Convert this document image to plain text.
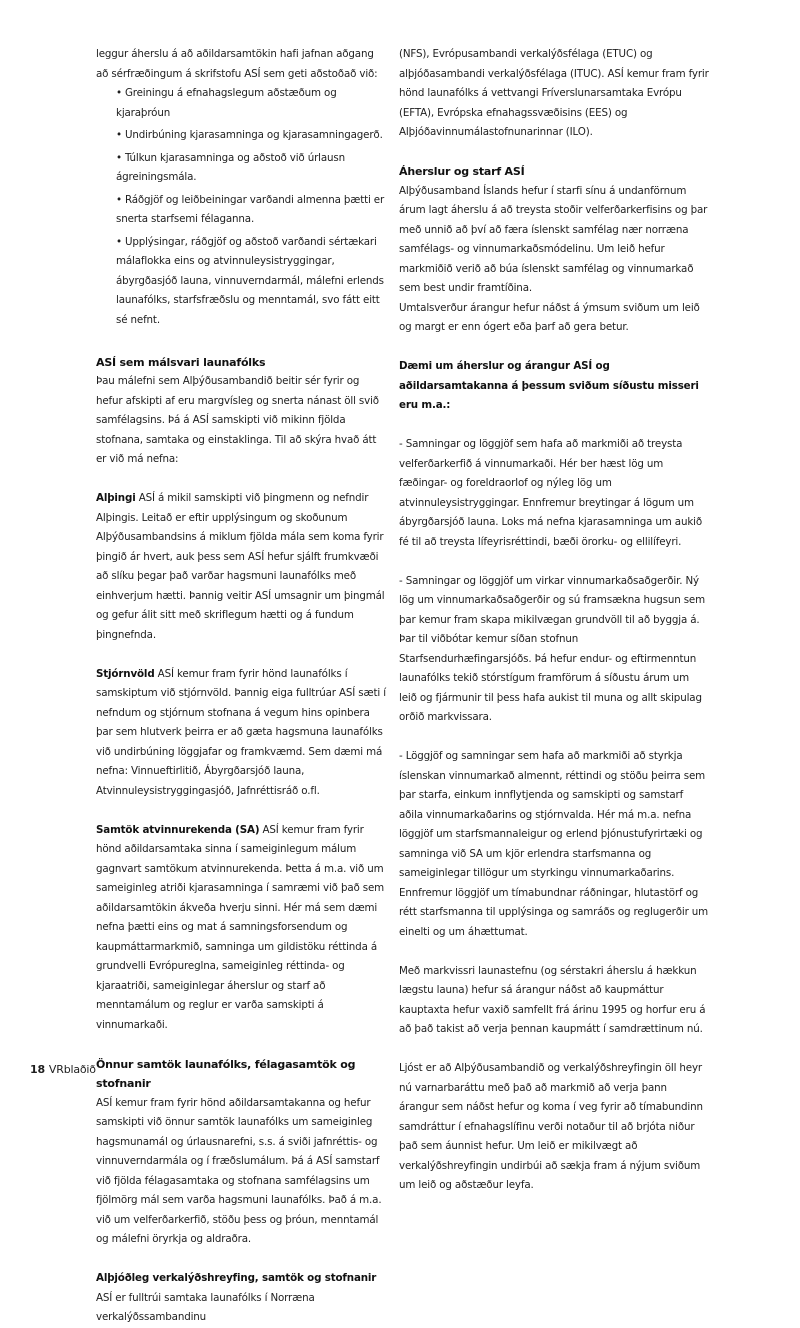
leggur áherslu á að aðildarsamtökin hafi jafnan aðgang að sérfræðingum á skrifstofu ASÍ sem geti aðstoðað við:

• Greiningu á efnahagslegum aðstæðum og kjaraþróun
• Undirbúning kjarasamninga og kjarasamningagerð.
• Túlkun kjarasamninga og aðstoð við úrlausn ágreiningsmála.
• Ráðgjöf og leiðbeiningar varðandi almenna þætti er snerta starfsemi félaganna.
• Upplýsingar, ráðgjöf og aðstoð varðandi sértækari málaflokka eins og atvinnuleysistryggingar, ábyrgðasjóð launa, vinnuverndarmál, málefni erlends launafólks, starfsfræðslu og menntamál, svo fátt eitt sé nefnt.

ASÍ sem málsvari launafólks

Þau málefni sem Alþýðusambandið beitir sér fyrir og hefur afskipti af eru margvísleg og snerta nánast öll svið samfélagsins. Þá á ASÍ samskipti við mikinn fjölda stofnana, samtaka og einstaklinga. Til að skýra hvað átt er við má nefna:

Alþingi ASÍ á mikil samskipti við þingmenn og nefndir Alþingis. Leitað er eftir upplýsingum og skoðunum Alþýðusambandsins á miklum fjölda mála sem koma fyrir þingið ár hvert, auk þess sem ASÍ hefur sjálft frumkvæði að slíku þegar það varðar hagsmuni launafólks með einhverjum hætti. Þannig veitir ASÍ umsagnir um þingmál og gefur álit sitt með skriflegum hætti og á fundum þingnefnda.

Stjórnvöld ASÍ kemur fram fyrir hönd launafólks í samskiptum við stjórnvöld. Þannig eiga fulltrúar ASÍ sæti í nefndum og stjórnum stofnana á vegum hins opinbera þar sem hlutverk þeirra er að gæta hagsmuna launafólks við undirbúning löggjafar og framkvæmd. Sem dæmi má nefna: Vinnueftirlitið, Ábyrgðarsjóð launa, Atvinnuleysistryggingasjóð, Jafnréttisráð o.fl.

Samtök atvinnurekenda (SA) ASÍ kemur fram fyrir hönd aðildarsamtaka sinna í sameiginlegum málum gagnvart samtökum atvinnurekenda. Þetta á m.a. við um sameiginleg atriði kjarasamninga í samræmi við það sem aðildarsamtökin ákveða hverju sinni. Hér má sem dæmi nefna þætti eins og mat á samningsforsendum og kaupmáttarmarkmið, samninga um gildistöku réttinda á grundvelli Evrópureglna, sameiginleg réttinda- og kjaraatriði, sameiginlegar áherslur og starf að menntamálum og reglur er varða samskipti á vinnumarkaði.

Önnur samtök launafólks, félagasamtök og stofnanir

ASÍ kemur fram fyrir hönd aðildarsamtakanna og hefur samskipti við önnur samtök launafólks um sameiginleg hagsmunamál og úrlausnarefni, s.s. á sviði jafnréttis- og vinnuverndarmála og í fræðslumálum. Þá á ASÍ samstarf við fjölda félagasamtaka og stofnana samfélagsins um fjölmörg mál sem varða hagsmuni launafólks. Það á m.a. við um velferðarkerfið, stöðu þess og þróun, menntamál og málefni öryrkja og aldraðra.

Alþjóðleg verkalýðshreyfing, samtök og stofnanir ASÍ er fulltrúi samtaka launafólks í Norræna verkalýðssambandinu

(NFS), Evrópusambandi verkalýðsfélaga (ETUC) og alþjóðasambandi verkalýðsfélaga (ITUC). ASÍ kemur fram fyrir hönd launafólks á vettvangi Fríverslunarsamtaka Evrópu (EFTA), Evrópska efnahagssvæðisins (EES) og Alþjóðavinnumálastofnunarinnar (ILO).

Áherslur og starf ASÍ

Alþýðusamband Íslands hefur í starfi sínu á undanförnum árum lagt áherslu á að treysta stoðir velferðarkerfisins og þar með unnið að því að færa íslenskt samfélag nær norræna samfélags- og vinnumarkaðsmódelinu. Um leið hefur markmiðið verið að búa íslenskt samfélag og vinnumarkað sem best undir framtíðina.

Umtalsverður árangur hefur náðst á ýmsum sviðum um leið og margt er enn ógert eða þarf að gera betur.

Dæmi um áherslur og árangur ASÍ og aðildarsamtakanna á þessum sviðum síðustu misseri eru m.a.:

- Samningar og löggjöf sem hafa að markmiði að treysta velferðarkerfið á vinnumarkaði. Hér ber hæst lög um fæðingar- og foreldraorlof og nýleg lög um atvinnuleysistryggingar. Ennfremur breytingar á lögum um ábyrgðarsjóð launa. Loks má nefna kjarasamninga um aukið fé til að treysta lífeyrisréttindi, bæði örorku- og ellilífeyri.

- Samningar og löggjöf um virkar vinnumarkaðsaðgerðir. Ný lög um vinnumarkaðsaðgerðir og sú framsækna hugsun sem þar kemur fram skapa mikilvægan grundvöll til að byggja á. Þar til viðbótar kemur síðan stofnun Starfsendurhæfingarsjóðs. Þá hefur endur- og eftirmenntun launafólks tekið stórstígum framförum á síðustu árum um leið og fjármunir til þess hafa aukist til muna og allt skipulag orðið markvissara.

- Löggjöf og samningar sem hafa að markmiði að styrkja íslenskan vinnumarkað almennt, réttindi og stöðu þeirra sem þar starfa, einkum innflytjenda og samskipti og samstarf aðila vinnumarkaðarins og stjórnvalda. Hér má m.a. nefna löggjöf um starfsmannaleigur og erlend þjónustufyrirtæki og samninga við SA um kjör erlendra starfsmanna og sameiginlegar tillögur um styrkingu vinnumarkaðarins. Ennfremur löggjöf um tímabundnar ráðningar, hlutastörf og rétt starfsmanna til upplýsinga og samráðs og reglugerðir um einelti og um áhættumat.

Með markvissri launastefnu (og sérstakri áherslu á hækkun lægstu launa) hefur sá árangur náðst að kaupmáttur kauptaxta hefur vaxið samfellt frá árinu 1995 og horfur eru á að það takist að verja þennan kaupmátt í samdrættinum nú.

Ljóst er að Alþýðusambandið og verkalýðshreyfingin öll heyr nú varnarbaráttu með það að markmið að verja þann árangur sem náðst hefur og koma í veg fyrir að tímabundinn samdráttur í efnahagslífinu verði notaður til að brjóta niður það sem áunnist hefur. Um leið er mikilvægt að verkalýðshreyfingin undirbúi að sækja fram á nýjum sviðum um leið og aðstæður leyfa.

18 VRblaðið
